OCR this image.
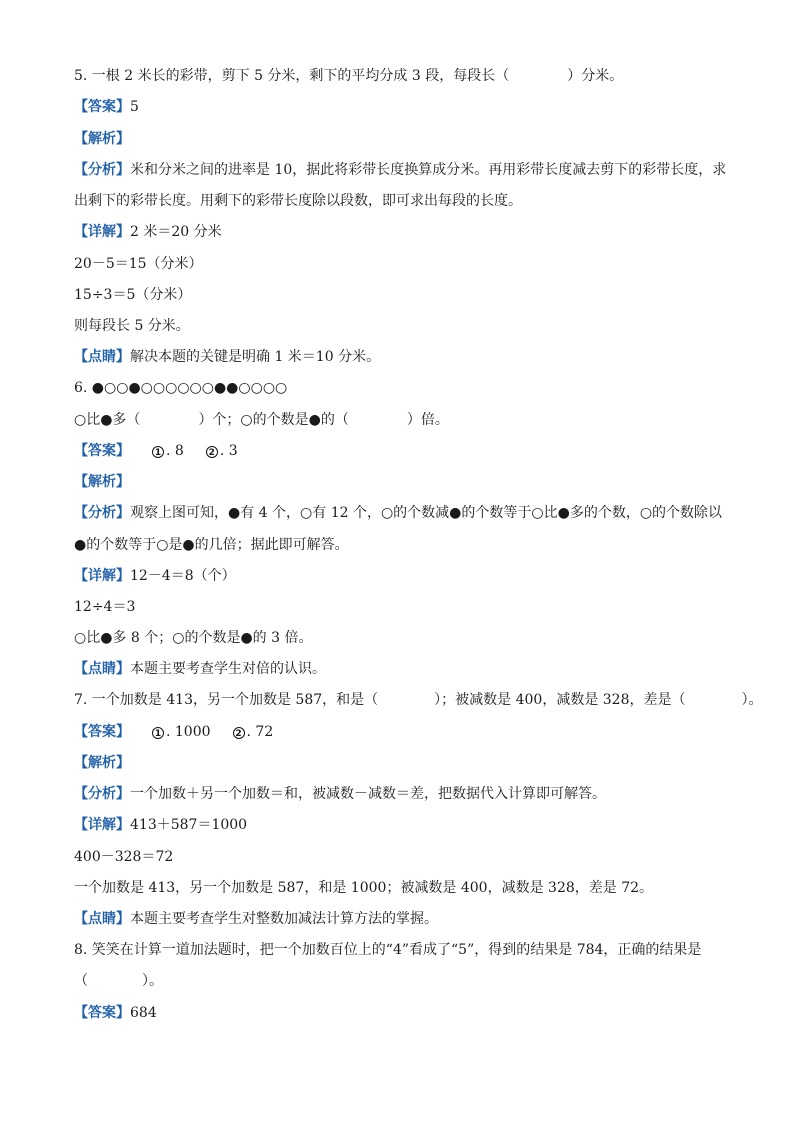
5. 一根 2 米长的彩带，剪下 5 分米，剩下的平均分成 3 段，每段长（	）分米。
【答案】5
【解析】
【分析】米和分米之间的进率是 10，据此将彩带长度换算成分米。再用彩带长度减去剪下的彩带长度，求
出剩下的彩带长度。用剩下的彩带长度除以段数，即可求出每段的长度。
【详解】2 米＝20 分米
20－5＝15（分米）
15÷3＝5（分米）
则每段长 5 分米。
【点睛】解决本题的关键是明确 1 米＝10 分米。
6. ●○○●○○○○○○●●○○○○
○比●多（	）个；○的个数是●的（	）倍。
【答案】	1 . 8	2 . 3
【解析】
【分析】观察上图可知，●有 4 个，○有 12 个，○的个数减●的个数等于○比●多的个数，○的个数除以
●的个数等于○是●的几倍；据此即可解答。
【详解】12－4＝8（个）
12÷4＝3
○比●多 8 个；○的个数是●的 3 倍。
【点睛】本题主要考查学生对倍的认识。
7. 一个加数是 413，另一个加数是 587，和是（	）；被减数是 400，减数是 328，差是（	）。
【答案】	1 . 1000	2 . 72
【解析】
【分析】一个加数＋另一个加数＝和，被减数－减数＝差，把数据代入计算即可解答。
【详解】413＋587＝1000
400－328＝72
一个加数是 413，另一个加数是 587，和是 1000；被减数是 400，减数是 328，差是 72。
【点睛】本题主要考查学生对整数加减法计算方法的掌握。
8. 笑笑在计算一道加法题时，把一个加数百位上的“4”看成了“5”，得到的结果是 784，正确的结果是
（	）。
【答案】684
